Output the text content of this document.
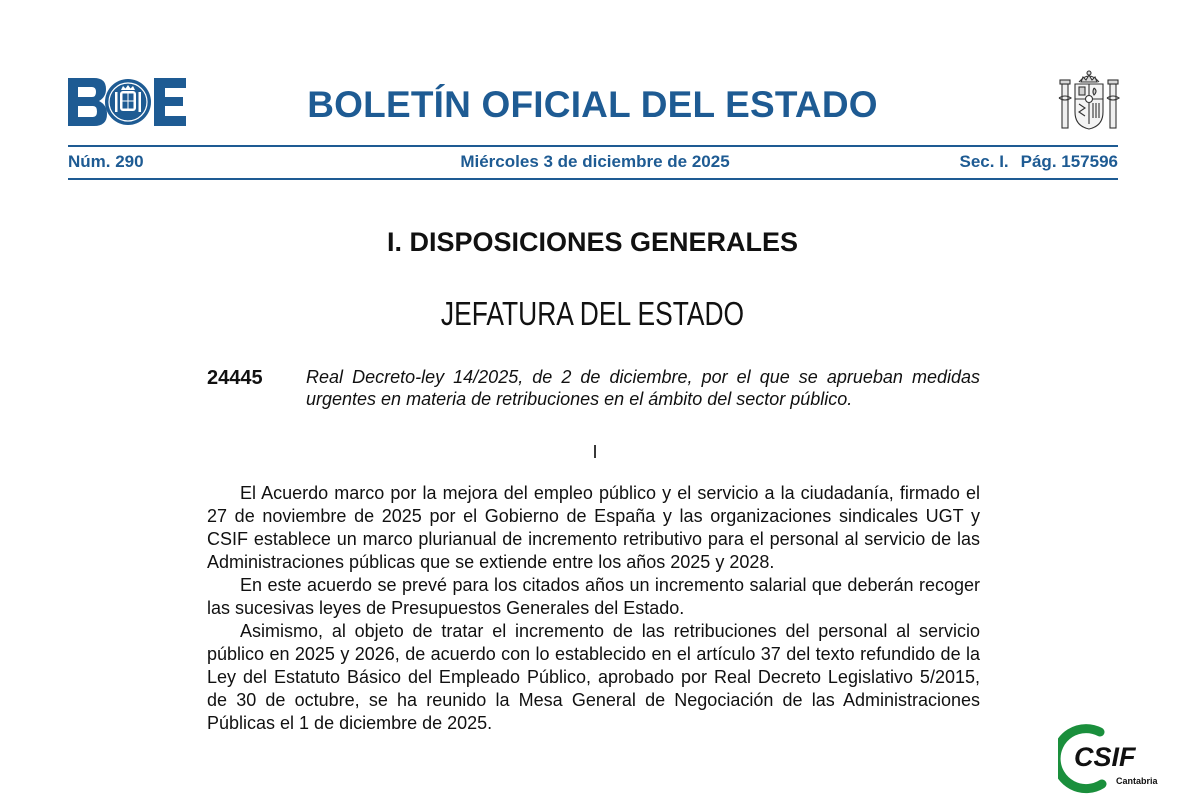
BOLETÍN OFICIAL DEL ESTADO
Núm. 290	Miércoles 3 de diciembre de 2025	Sec. I. Pág. 157596
I. DISPOSICIONES GENERALES
JEFATURA DEL ESTADO
24445 Real Decreto-ley 14/2025, de 2 de diciembre, por el que se aprueban medidas urgentes en materia de retribuciones en el ámbito del sector público.
I

El Acuerdo marco por la mejora del empleo público y el servicio a la ciudadanía, firmado el 27 de noviembre de 2025 por el Gobierno de España y las organizaciones sindicales UGT y CSIF establece un marco plurianual de incremento retributivo para el personal al servicio de las Administraciones públicas que se extiende entre los años 2025 y 2028.

En este acuerdo se prevé para los citados años un incremento salarial que deberán recoger las sucesivas leyes de Presupuestos Generales del Estado.

Asimismo, al objeto de tratar el incremento de las retribuciones del personal al servicio público en 2025 y 2026, de acuerdo con lo establecido en el artículo 37 del texto refundido de la Ley del Estatuto Básico del Empleado Público, aprobado por Real Decreto Legislativo 5/2015, de 30 de octubre, se ha reunido la Mesa General de Negociación de las Administraciones Públicas el 1 de diciembre de 2025.

CSIF
Cantabria
